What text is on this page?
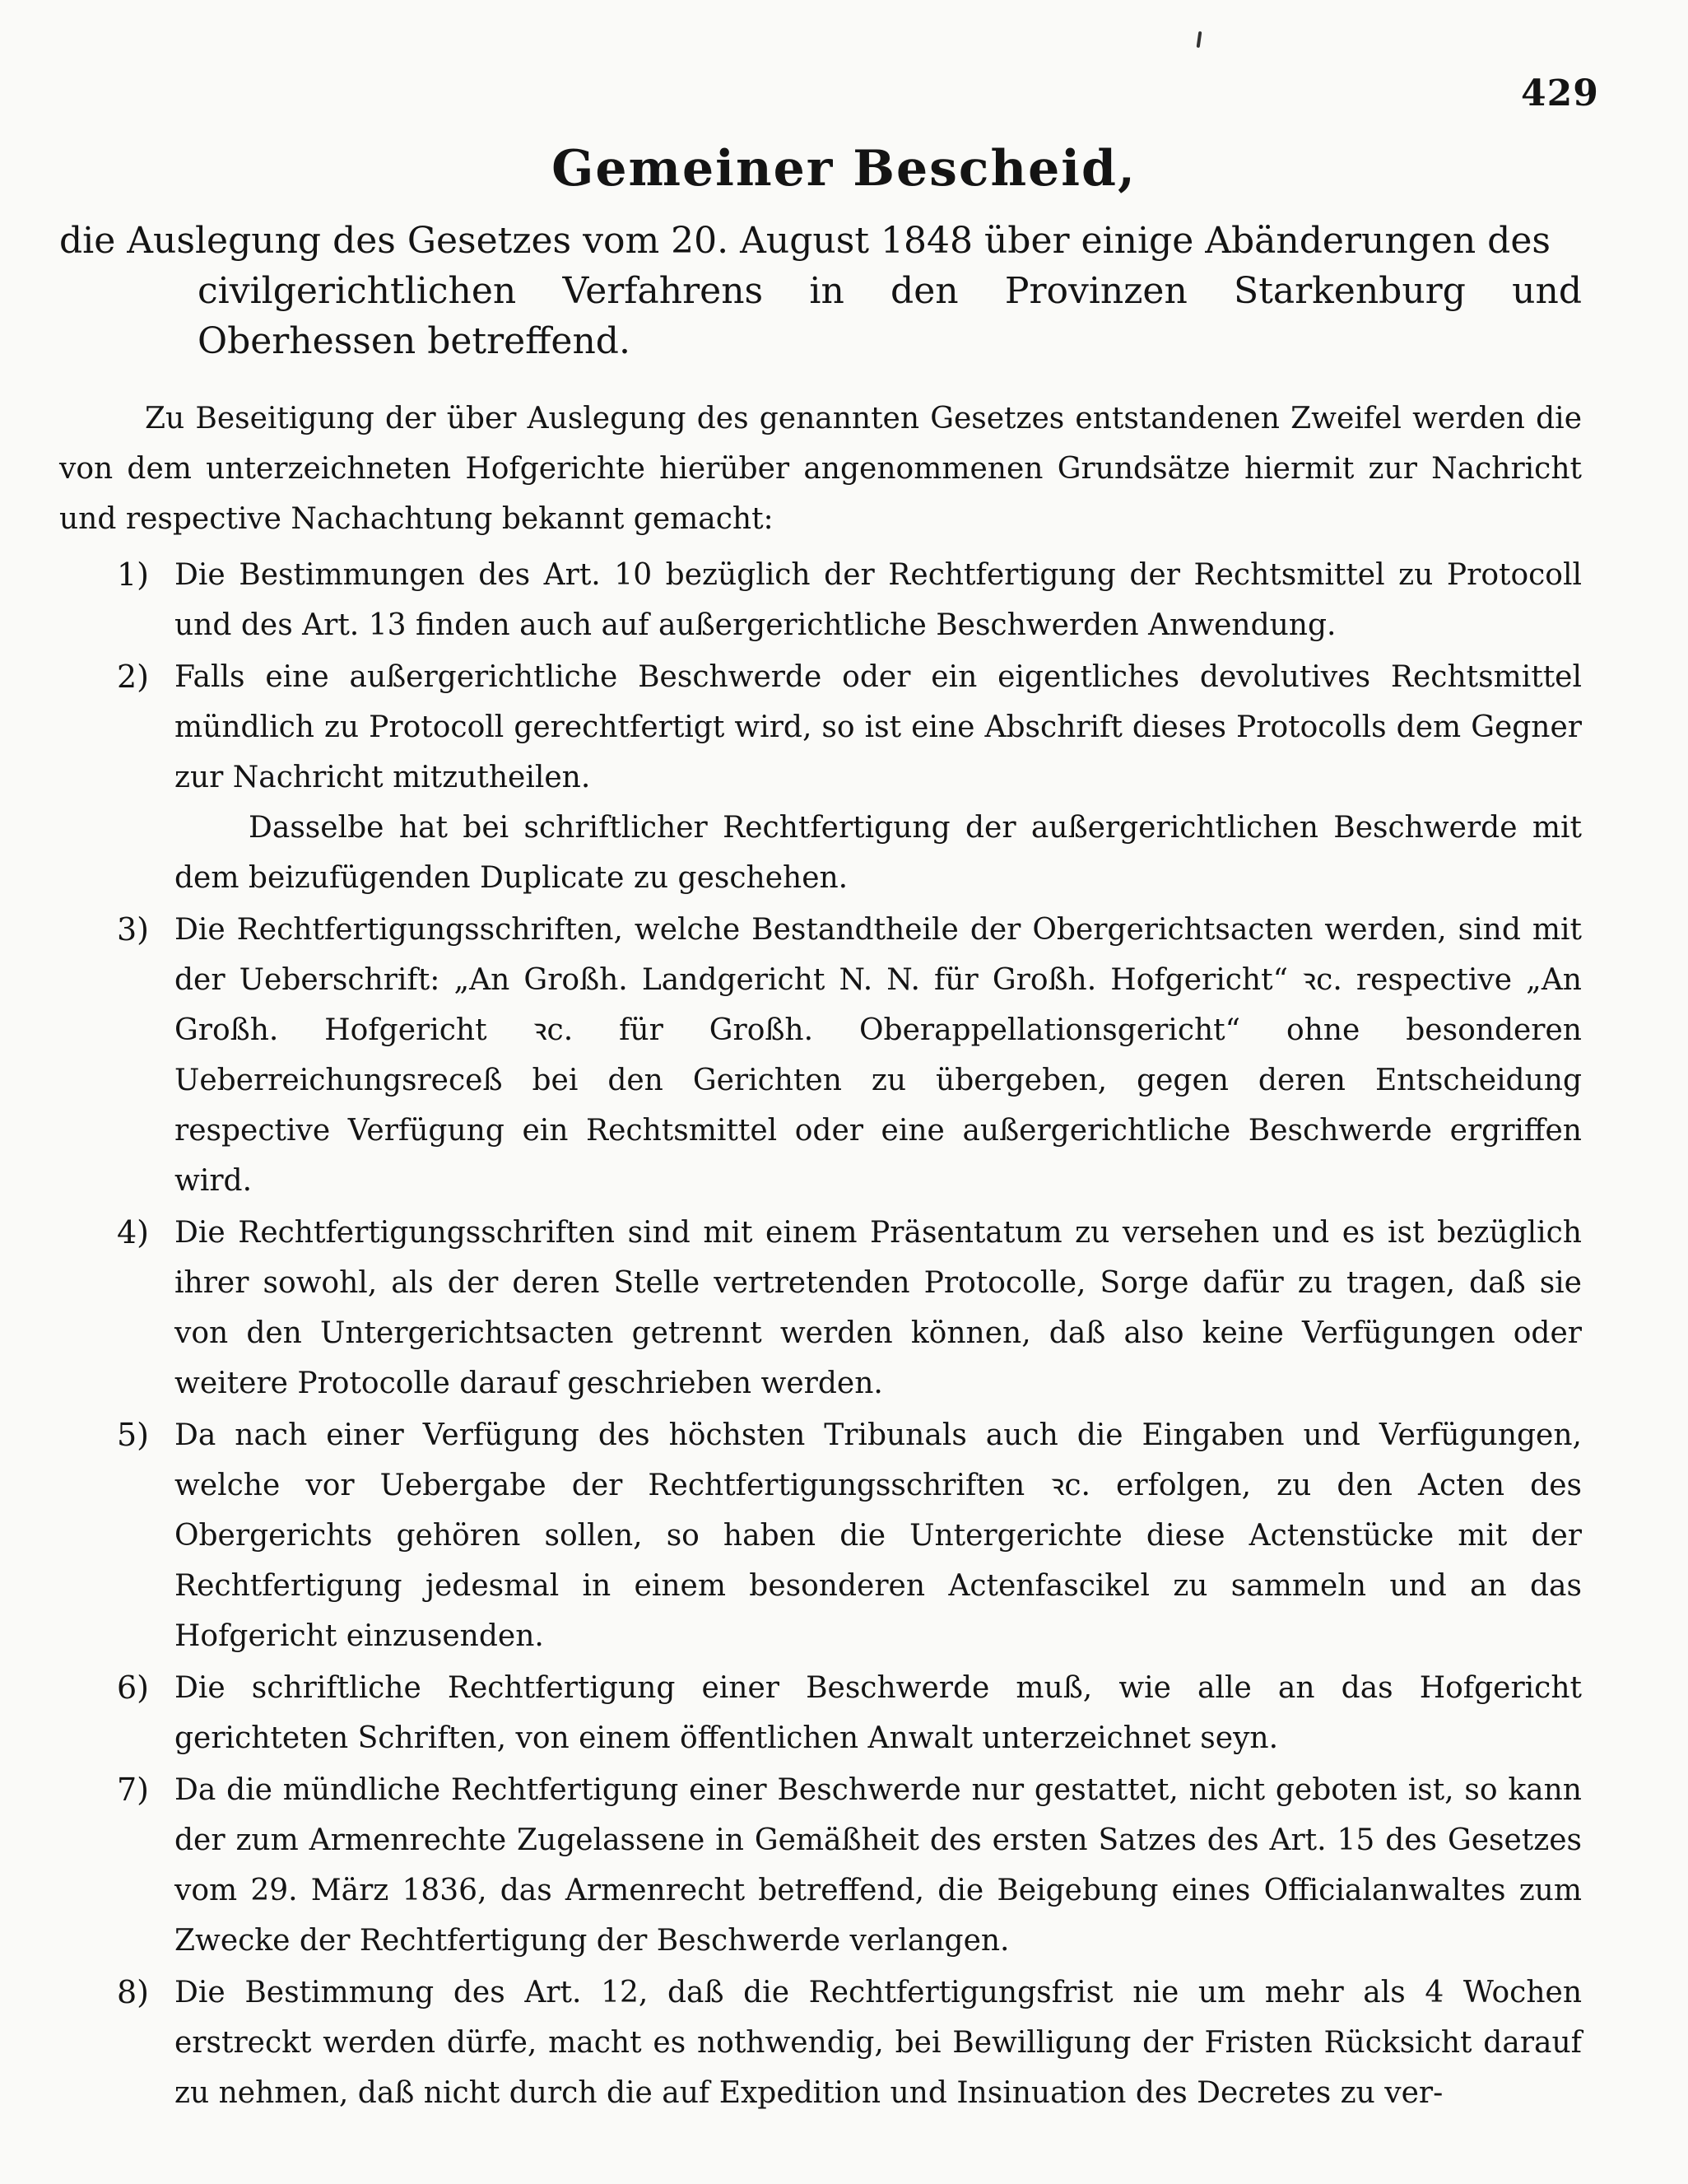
429
Gemeiner Bescheid,

die Auslegung des Gesetzes vom 20. August 1848 über einige Abänderungen des
civilgerichtlichen Verfahrens in den Provinzen Starkenburg und Oberhessen betreffend.

Zu Beseitigung der über Auslegung des genannten Gesetzes entstandenen Zweifel werden die von dem unterzeichneten Hofgerichte hierüber angenommenen Grundsätze hiermit zur Nachricht und respective Nachachtung bekannt gemacht:

1) Die Bestimmungen des Art. 10 bezüglich der Rechtfertigung der Rechtsmittel zu Protocoll und des Art. 13 finden auch auf außergerichtliche Beschwerden Anwendung.

2) Falls eine außergerichtliche Beschwerde oder ein eigentliches devolutives Rechtsmittel mündlich zu Protocoll gerechtfertigt wird, so ist eine Abschrift dieses Protocolls dem Gegner zur Nachricht mitzutheilen.

Dasselbe hat bei schriftlicher Rechtfertigung der außergerichtlichen Beschwerde mit dem beizufügenden Duplicate zu geschehen.

3) Die Rechtfertigungsschriften, welche Bestandtheile der Obergerichtsacten werden, sind mit der Ueberschrift: „An Großh. Landgericht N. N. für Großh. Hofgericht“ ꝛc. respective „An Großh. Hofgericht ꝛc. für Großh. Oberappellationsgericht“ ohne besonderen Ueberreichungsreceß bei den Gerichten zu übergeben, gegen deren Entscheidung respective Verfügung ein Rechtsmittel oder eine außergerichtliche Beschwerde ergriffen wird.

4) Die Rechtfertigungsschriften sind mit einem Präsentatum zu versehen und es ist bezüglich ihrer sowohl, als der deren Stelle vertretenden Protocolle, Sorge dafür zu tragen, daß sie von den Untergerichtsacten getrennt werden können, daß also keine Verfügungen oder weitere Protocolle darauf geschrieben werden.

5) Da nach einer Verfügung des höchsten Tribunals auch die Eingaben und Verfügungen, welche vor Uebergabe der Rechtfertigungsschriften ꝛc. erfolgen, zu den Acten des Obergerichts gehören sollen, so haben die Untergerichte diese Actenstücke mit der Rechtfertigung jedesmal in einem besonderen Actenfascikel zu sammeln und an das Hofgericht einzusenden.

6) Die schriftliche Rechtfertigung einer Beschwerde muß, wie alle an das Hofgericht gerichteten Schriften, von einem öffentlichen Anwalt unterzeichnet seyn.

7) Da die mündliche Rechtfertigung einer Beschwerde nur gestattet, nicht geboten ist, so kann der zum Armenrechte Zugelassene in Gemäßheit des ersten Satzes des Art. 15 des Gesetzes vom 29. März 1836, das Armenrecht betreffend, die Beigebung eines Officialanwaltes zum Zwecke der Rechtfertigung der Beschwerde verlangen.

8) Die Bestimmung des Art. 12, daß die Rechtfertigungsfrist nie um mehr als 4 Wochen erstreckt werden dürfe, macht es nothwendig, bei Bewilligung der Fristen Rücksicht darauf zu nehmen, daß nicht durch die auf Expedition und Insinuation des Decretes zu ver-
